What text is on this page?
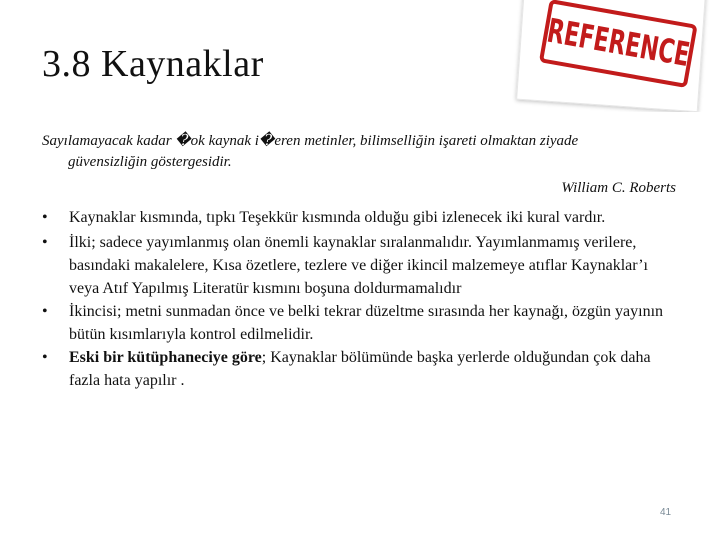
3.8 Kaynaklar	REFERENCE
Sayılamayacak kadar �ok kaynak i�eren metinler, bilimselliğin işareti olmaktan ziyade
güvensizliğin göstergesidir.
William C. Roberts
• Kaynaklar kısmında, tıpkı Teşekkür kısmında olduğu gibi izlenecek iki kural vardır.
• İlki; sadece yayımlanmış olan önemli kaynaklar sıralanmalıdır. Yayımlanmamış verilere, basındaki makalelere, Kısa özetlere, tezlere ve diğer ikincil malzemeye atıflar Kaynaklar’ı veya Atıf Yapılmış Literatür kısmını boşuna doldurmamalıdır
• İkincisi; metni sunmadan önce ve belki tekrar düzeltme sırasında her kaynağı, özgün yayının bütün kısımlarıyla kontrol edilmelidir.
• Eski bir kütüphaneciye göre; Kaynaklar bölümünde başka yerlerde olduğundan çok daha fazla hata yapılır .
41
